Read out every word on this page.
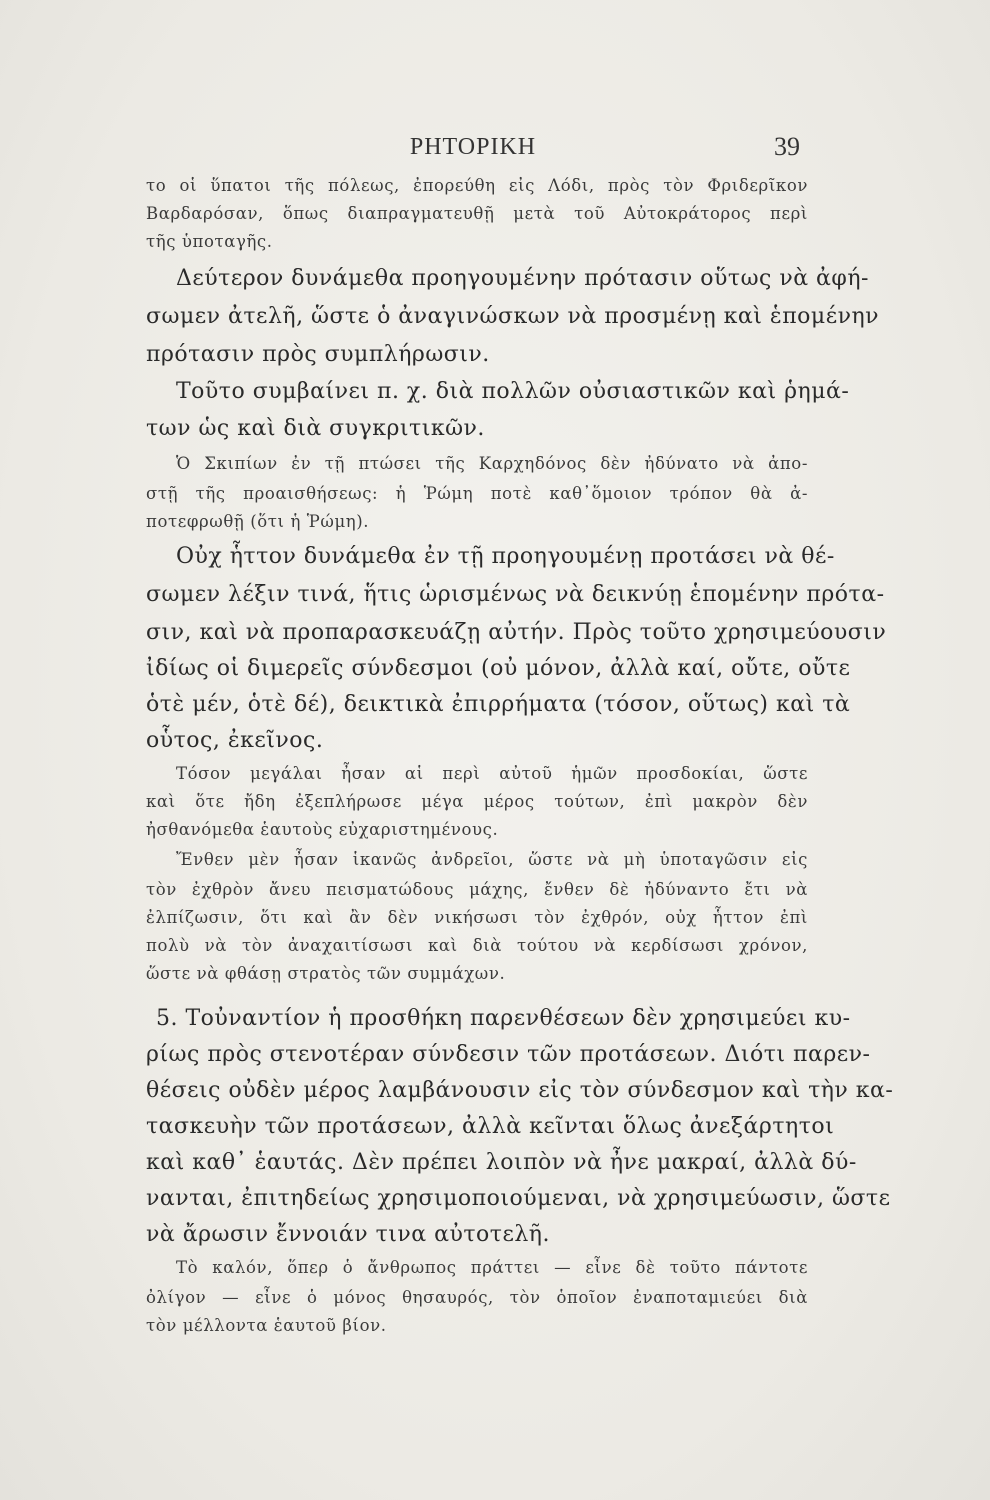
ΡΗΤΟΡΙΚΗ	39
το οἱ ὕπατοι τῆς πόλεως, ἐπορεύθη εἰς Λόδι, πρὸς τὸν Φριδερῖκον
Βαρδαρόσαν, ὅπως διαπραγματευθῇ μετὰ τοῦ Αὐτοκράτορος περὶ
τῆς ὑποταγῆς.
Δεύτερον δυνάμεθα προηγουμένην πρότασιν οὕτως νὰ ἀφή-
σωμεν ἀτελῆ, ὥστε ὁ ἀναγινώσκων νὰ προσμένῃ καὶ ἑπομένην
πρότασιν πρὸς συμπλήρωσιν.
Τοῦτο συμβαίνει π. χ. διὰ πολλῶν οὐσιαστικῶν καὶ ῥημά-
των ὡς καὶ διὰ συγκριτικῶν.
Ὁ Σκιπίων ἐν τῇ πτώσει τῆς Καρχηδόνος δὲν ἠδύνατο νὰ ἀπο-
στῇ τῆς προαισθήσεως: ἡ Ῥώμη ποτὲ καθ᾽ὅμοιον τρόπον θὰ ἀ-
ποτεφρωθῇ (ὅτι ἡ Ῥώμη).
Οὐχ ἧττον δυνάμεθα ἐν τῇ προηγουμένῃ προτάσει νὰ θέ-
σωμεν λέξιν τινά, ἥτις ὡρισμένως νὰ δεικνύῃ ἑπομένην πρότα-
σιν, καὶ νὰ προπαρασκευάζῃ αὐτήν. Πρὸς τοῦτο χρησιμεύουσιν
ἰδίως οἱ διμερεῖς σύνδεσμοι (οὐ μόνον, ἀλλὰ καί, οὔτε, οὔτε
ὁτὲ μέν, ὁτὲ δέ), δεικτικὰ ἐπιρρήματα (τόσον, οὕτως) καὶ τὰ
οὗτος, ἐκεῖνος.
Τόσον μεγάλαι ἦσαν αἱ περὶ αὐτοῦ ἡμῶν προσδοκίαι, ὥστε
καὶ ὅτε ἤδη ἐξεπλήρωσε μέγα μέρος τούτων, ἐπὶ μακρὸν δὲν
ἠσθανόμεθα ἑαυτοὺς εὐχαριστημένους.
Ἔνθεν μὲν ἦσαν ἱκανῶς ἀνδρεῖοι, ὥστε νὰ μὴ ὑποταγῶσιν εἰς
τὸν ἐχθρὸν ἄνευ πεισματώδους μάχης, ἔνθεν δὲ ἠδύναντο ἔτι νὰ
ἐλπίζωσιν, ὅτι καὶ ἂν δὲν νικήσωσι τὸν ἐχθρόν, οὐχ ἧττον ἐπὶ
πολὺ νὰ τὸν ἀναχαιτίσωσι καὶ διὰ τούτου νὰ κερδίσωσι χρόνον,
ὥστε νὰ φθάσῃ στρατὸς τῶν συμμάχων.
5. Τοὐναντίον ἡ προσθήκη παρενθέσεων δὲν χρησιμεύει κυ-
ρίως πρὸς στενοτέραν σύνδεσιν τῶν προτάσεων. Διότι παρεν-
θέσεις οὐδὲν μέρος λαμβάνουσιν εἰς τὸν σύνδεσμον καὶ τὴν κα-
τασκευὴν τῶν προτάσεων, ἀλλὰ κεῖνται ὅλως ἀνεξάρτητοι
καὶ καθ᾽ ἑαυτάς. Δὲν πρέπει λοιπὸν νὰ ἦνε μακραί, ἀλλὰ δύ-
νανται, ἐπιτηδείως χρησιμοποιούμεναι, νὰ χρησιμεύωσιν, ὥστε
νὰ ἄρωσιν ἔννοιάν τινα αὐτοτελῆ.
Τὸ καλόν, ὅπερ ὁ ἄνθρωπος πράττει — εἶνε δὲ τοῦτο πάντοτε
ὀλίγον — εἶνε ὁ μόνος θησαυρός, τὸν ὁποῖον ἐναποταμιεύει διὰ
τὸν μέλλοντα ἑαυτοῦ βίον.
